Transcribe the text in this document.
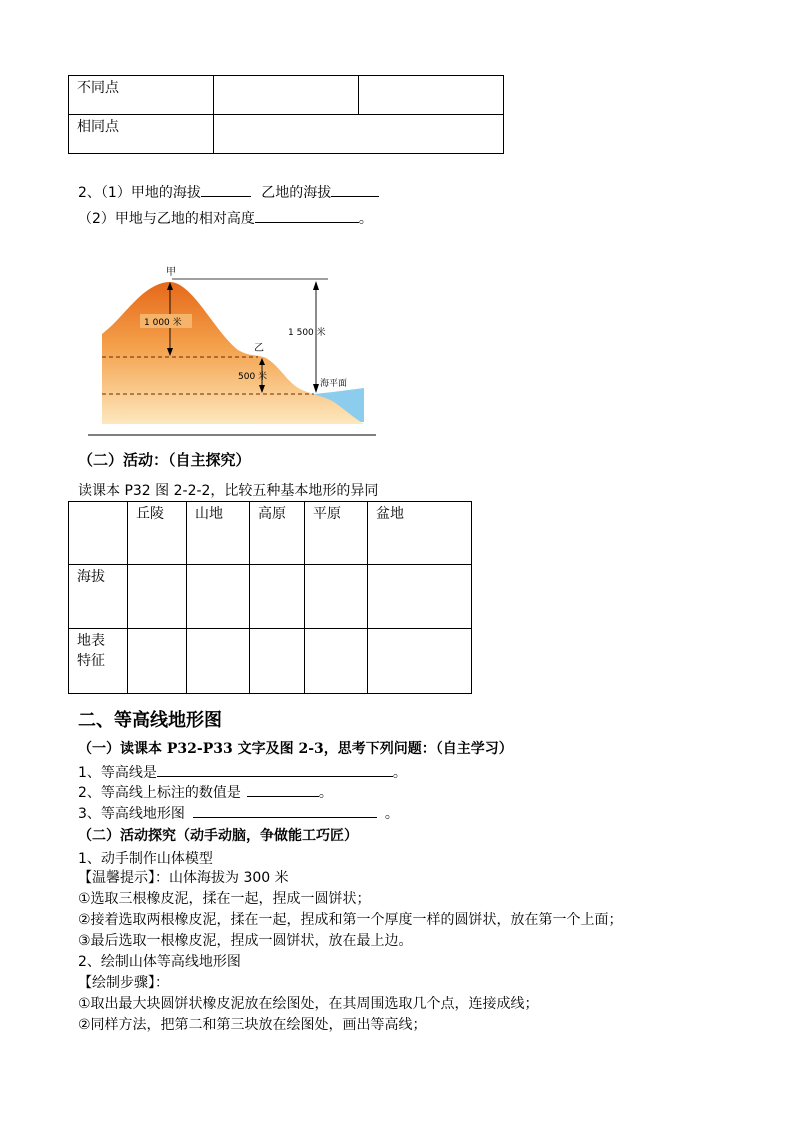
不同点		
相同点		
2、（1）甲地的海拔	乙地的海拔
（2）甲地与乙地的相对高度	。
甲
1 000 米
乙
1 500 米
500 米
海平面
（二）活动：（自主探究）
读课本 P32 图 2-2-2，比较五种基本地形的异同
	丘陵	山地	高原	平原	盆地
海拔					
地表
特征					
二、等高线地形图
（一）读课本 P32-P33 文字及图 2-3，思考下列问题：（自主学习）
1、等高线是	。
2、等高线上标注的数值是	。
3、等高线地形图	。
（二）活动探究（动手动脑，争做能工巧匠）
1、动手制作山体模型
【温馨提示】：山体海拔为 300 米
①选取三根橡皮泥，揉在一起，捏成一圆饼状；
②接着选取两根橡皮泥，揉在一起，捏成和第一个厚度一样的圆饼状，放在第一个上面；
③最后选取一根橡皮泥，捏成一圆饼状，放在最上边。
2、绘制山体等高线地形图
【绘制步骤】：
①取出最大块圆饼状橡皮泥放在绘图处，在其周围选取几个点，连接成线；
②同样方法，把第二和第三块放在绘图处，画出等高线；
